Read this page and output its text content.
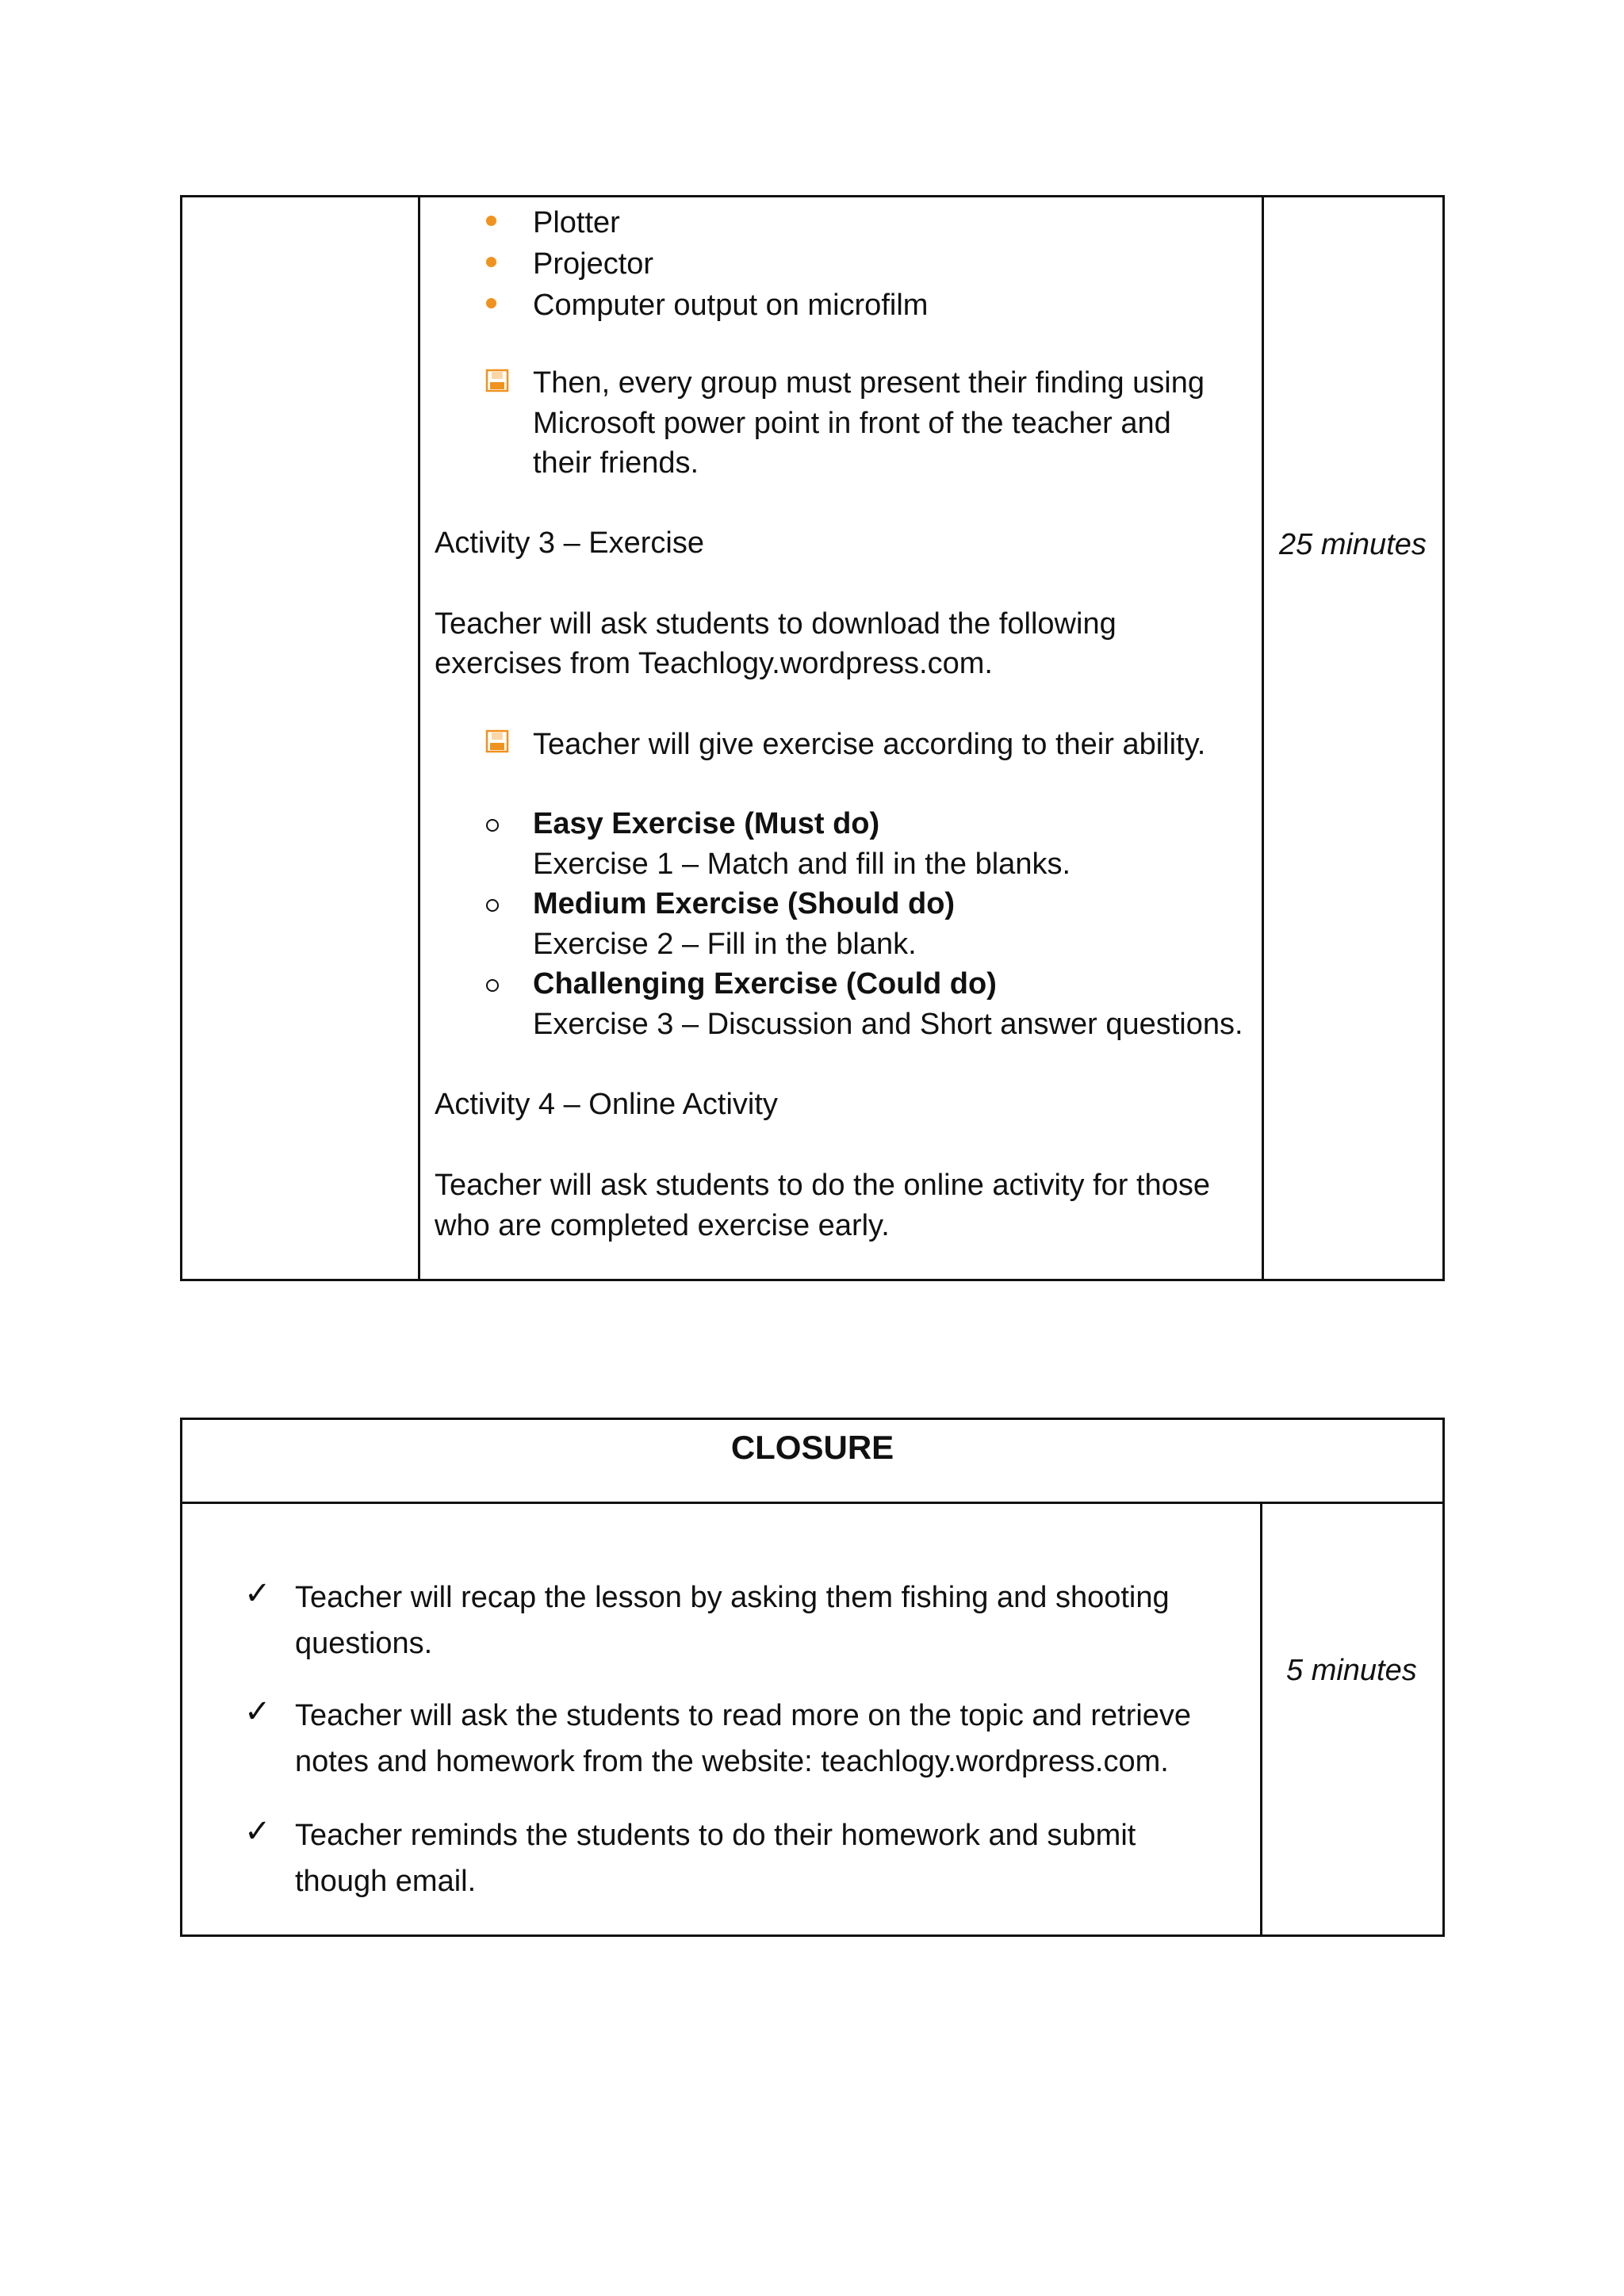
Plotter
Projector
Computer output on microfilm
Then, every group must present their finding using
Microsoft power point in front of the teacher and
their friends.
Activity 3 – Exercise	25 minutes
Teacher will ask students to download the following
exercises from Teachlogy.wordpress.com.
Teacher will give exercise according to their ability.
Easy Exercise (Must do)
Exercise 1 – Match and fill in the blanks.
Medium Exercise (Should do)
Exercise 2 – Fill in the blank.
Challenging Exercise (Could do)
Exercise 3 – Discussion and Short answer questions.
Activity 4 – Online Activity
Teacher will ask students to do the online activity for those
who are completed exercise early.
CLOSURE
✓ Teacher will recap the lesson by asking them fishing and shooting
questions.
✓ Teacher will ask the students to read more on the topic and retrieve
notes and homework from the website: teachlogy.wordpress.com.
✓ Teacher reminds the students to do their homework and submit
though email.
5 minutes
